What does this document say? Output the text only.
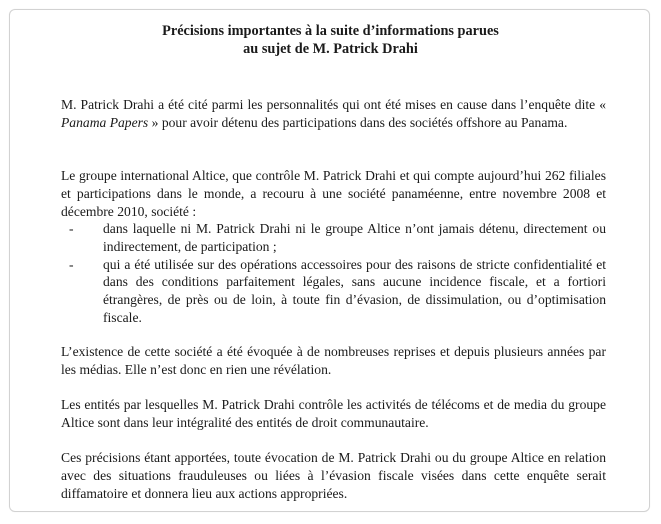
Précisions importantes à la suite d’informations parues
au sujet de M. Patrick Drahi

M. Patrick Drahi a été cité parmi les personnalités qui ont été mises en cause dans l’enquête dite « Panama Papers » pour avoir détenu des participations dans des sociétés offshore au Panama.

Le groupe international Altice, que contrôle M. Patrick Drahi et qui compte aujourd’hui 262 filiales et participations dans le monde, a recouru à une société panaméenne, entre novembre 2008 et décembre 2010, société :

- dans laquelle ni M. Patrick Drahi ni le groupe Altice n’ont jamais détenu, directement ou indirectement, de participation ;
- qui a été utilisée sur des opérations accessoires pour des raisons de stricte confidentialité et dans des conditions parfaitement légales, sans aucune incidence fiscale, et a fortiori étrangères, de près ou de loin, à toute fin d’évasion, de dissimulation, ou d’optimisation fiscale.

L’existence de cette société a été évoquée à de nombreuses reprises et depuis plusieurs années par les médias. Elle n’est donc en rien une révélation.

Les entités par lesquelles M. Patrick Drahi contrôle les activités de télécoms et de media du groupe Altice sont dans leur intégralité des entités de droit communautaire.

Ces précisions étant apportées, toute évocation de M. Patrick Drahi ou du groupe Altice en relation avec des situations frauduleuses ou liées à l’évasion fiscale visées dans cette enquête serait diffamatoire et donnera lieu aux actions appropriées.
